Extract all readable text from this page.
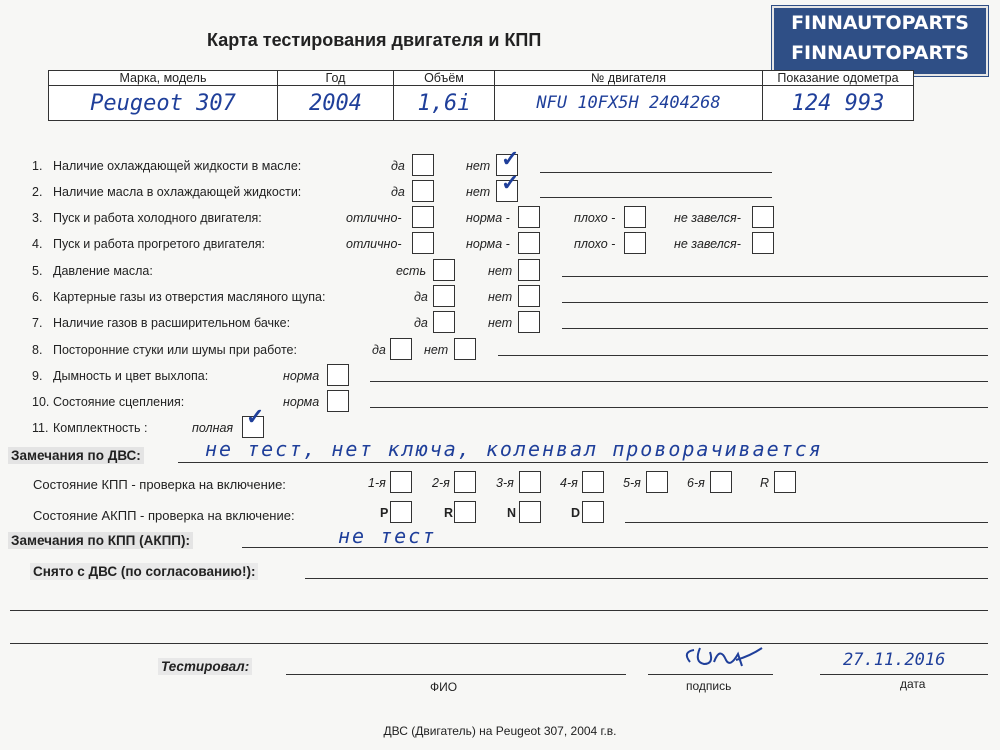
Карта тестирования двигателя и КПП
FINNAUTOPARTS
FINNAUTOPARTS
Марка, модель	Год	Объём	№ двигателя	Показание одометра
Peugeot 307	2004	1,6i	NFU 10FX5H 2404268	124 993
1. Наличие охлаждающей жидкости в масле:	да	нет ✓
2. Наличие масла в охлаждающей жидкости:	да	нет ✓
3. Пуск и работа холодного двигателя:	отлично-	норма -	плохо -	не завелся-
4. Пуск и работа прогретого двигателя:	отлично-	норма -	плохо -	не завелся-
5. Давление масла:	есть	нет
6. Картерные газы из отверстия масляного щупа:	да	нет
7. Наличие газов в расширительном бачке:	да	нет
8. Посторонние стуки или шумы при работе:	да	нет
9. Дымность и цвет выхлопа:	норма
10. Состояние сцепления:	норма
11. Комплектность :	полная ✓
Замечания по ДВС:	не тест, нет ключа, коленвал проворачивается
Состояние КПП - проверка на включение:	1-я	2-я	3-я	4-я	5-я	6-я	R
Состояние АКПП - проверка на включение:	P	R	N	D
Замечания по КПП (АКПП):	не тест
Снято с ДВС (по согласованию!):
Тестировал:
ФИО	подпись	дата
27.11.2016
ДВС (Двигатель) на Peugeot 307, 2004 г.в.
